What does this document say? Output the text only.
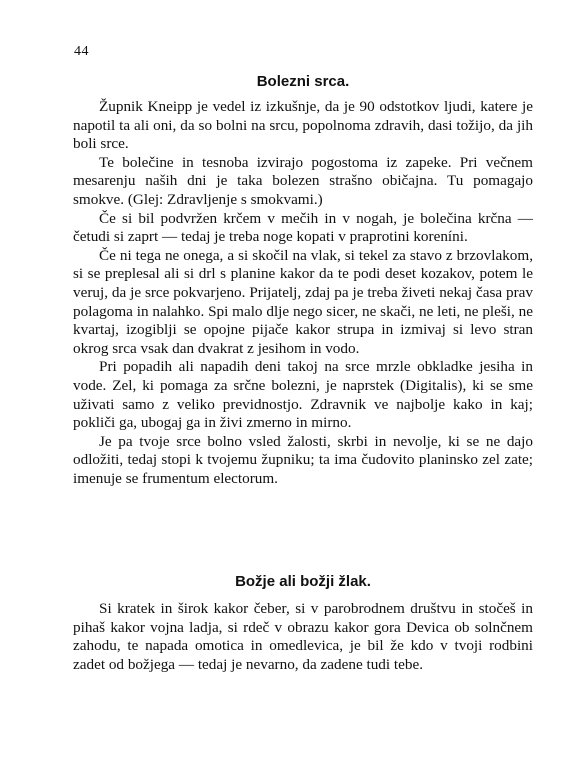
44
Bolezni srca.

Župnik Kneipp je vedel iz izkušnje, da je 90 odstotkov ljudi, katere je napotil ta ali oni, da so bolni na srcu, popolnoma zdravih, dasi tožijo, da jih boli srce.

Te bolečine in tesnoba izvirajo pogostoma iz zapeke. Pri večnem mesarenju naših dni je taka bolezen strašno običajna. Tu pomagajo smokve. (Glej: Zdravljenje s smokvami.)

Če si bil podvržen krčem v mečih in v nogah, je bolečina krčna — četudi si zaprt — tedaj je treba noge kopati v praprotini koreníni.

Če ni tega ne onega, a si skočil na vlak, si tekel za stavo z brzovlakom, si se preplesal ali si drl s planine kakor da te podi deset kozakov, potem le veruj, da je srce pokvarjeno. Prijatelj, zdaj pa je treba živeti nekaj časa prav polagoma in nalahko. Spi malo dlje nego sicer, ne skači, ne leti, ne pleši, ne kvartaj, izogiblji se opojne pijače kakor strupa in izmivaj si levo stran okrog srca vsak dan dvakrat z jesihom in vodo.

Pri popadih ali napadih deni takoj na srce mrzle obkladke jesiha in vode. Zel, ki pomaga za srčne bolezni, je naprstek (Digitalis), ki se sme uživati samo z veliko previdnostjo. Zdravnik ve najbolje kako in kaj; pokliči ga, ubogaj ga in živi zmerno in mirno.

Je pa tvoje srce bolno vsled žalosti, skrbi in nevolje, ki se ne dajo odložiti, tedaj stopi k tvojemu župniku; ta ima čudovito planinsko zel zate; imenuje se frumentum electorum.

Božje ali božji žlak.

Si kratek in širok kakor čeber, si v parobrodnem društvu in stočeš in pihaš kakor vojna ladja, si rdeč v obrazu kakor gora Devica ob solnčnem zahodu, te napada omotica in omedlevica, je bil že kdo v tvoji rodbini zadet od božjega — tedaj je nevarno, da zadene tudi tebe.
